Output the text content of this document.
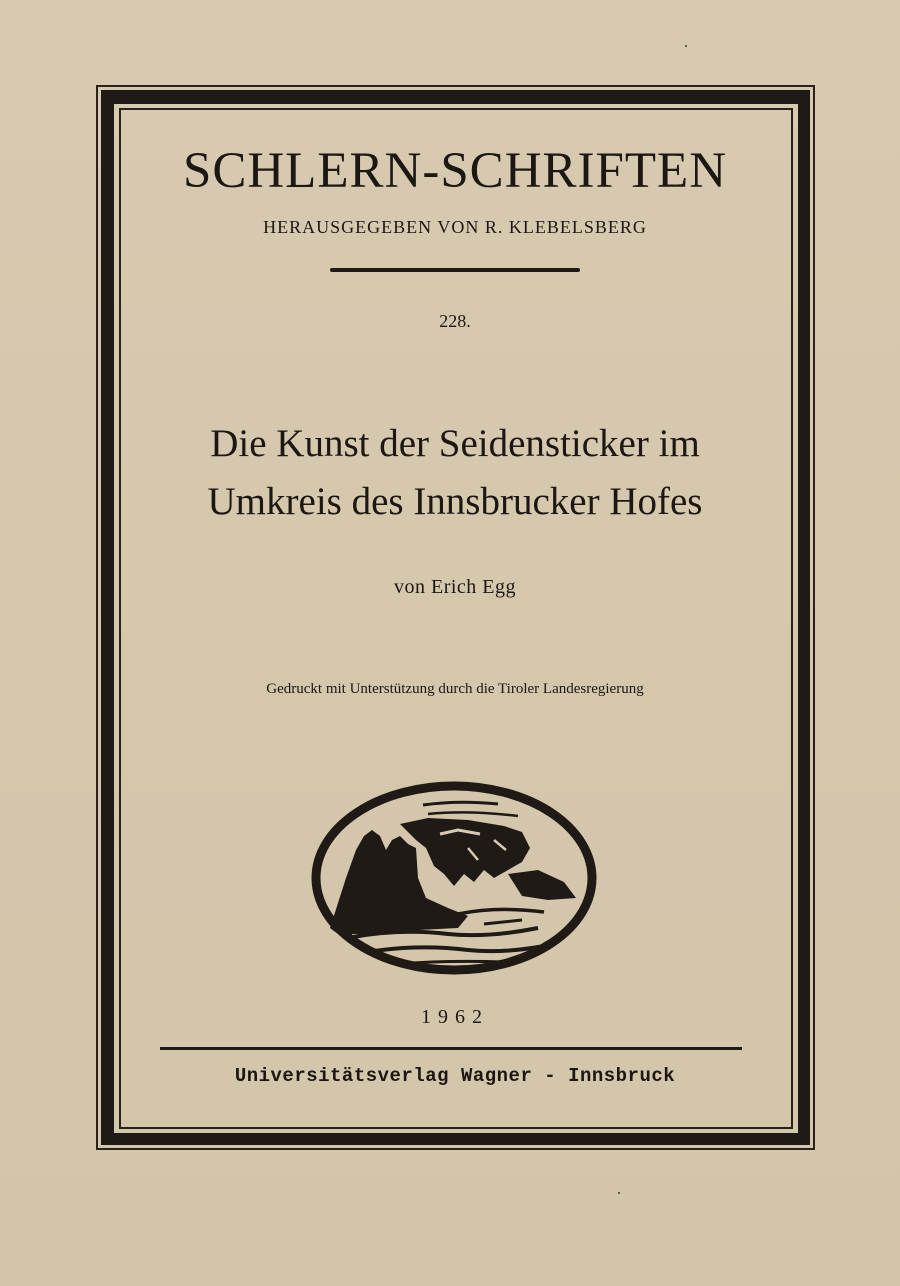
SCHLERN-SCHRIFTEN
HERAUSGEGEBEN VON R. KLEBELSBERG
228.
Die Kunst der Seidensticker im
Umkreis des Innsbrucker Hofes
von Erich Egg
Gedruckt mit Unterstützung durch die Tiroler Landesregierung
1962
Universitätsverlag Wagner - Innsbruck
